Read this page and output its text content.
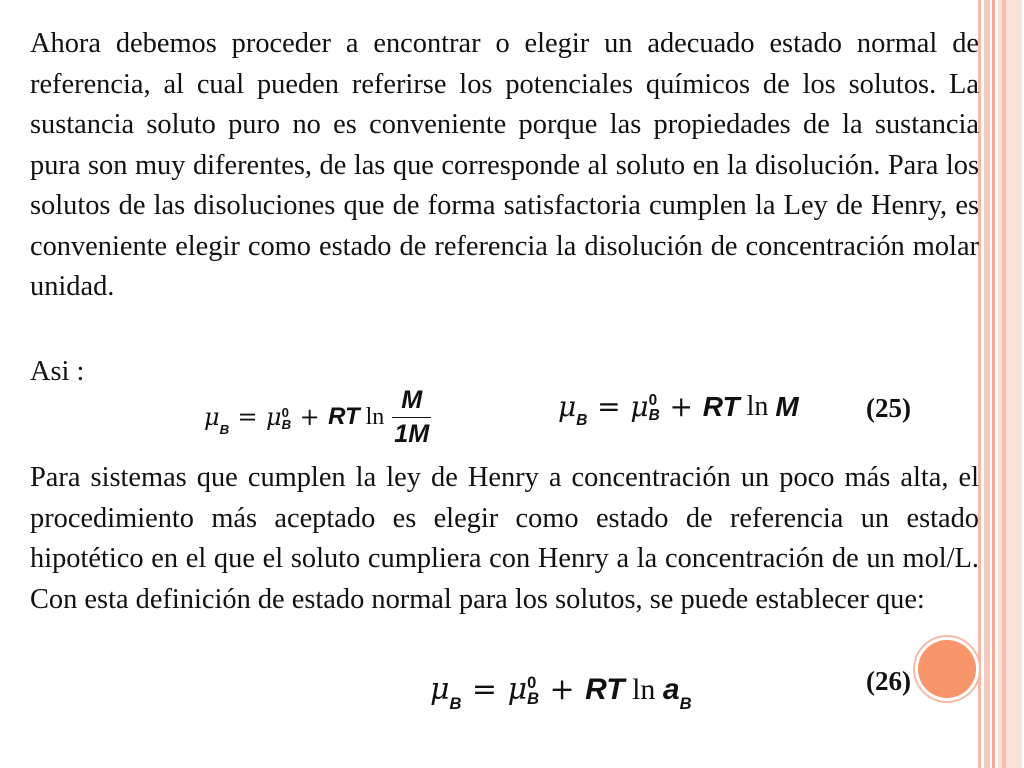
Ahora debemos proceder a encontrar o elegir un adecuado estado normal de referencia, al cual pueden referirse los potenciales químicos de los solutos. La sustancia soluto puro no es conveniente porque las propiedades de la sustancia pura son muy diferentes, de las que corresponde al soluto en la disolución. Para los solutos de las disoluciones que de forma satisfactoria cumplen la Ley de Henry, es conveniente elegir como estado de referencia la disolución de concentración molar unidad.
Asi :
μ B = μ 0
B + RT $\ln \frac{M}{1M}$	μ B = μ 0
B + RT ln M (25)
Para sistemas que cumplen la ley de Henry a concentración un poco más alta, el procedimiento más aceptado es elegir como estado de referencia un estado hipotético en el que el soluto cumpliera con Henry a la concentración de un mol/L. Con esta definición de estado normal para los solutos, se puede establecer que:
μ B = μ 0
B + RT ln a B
(26)
